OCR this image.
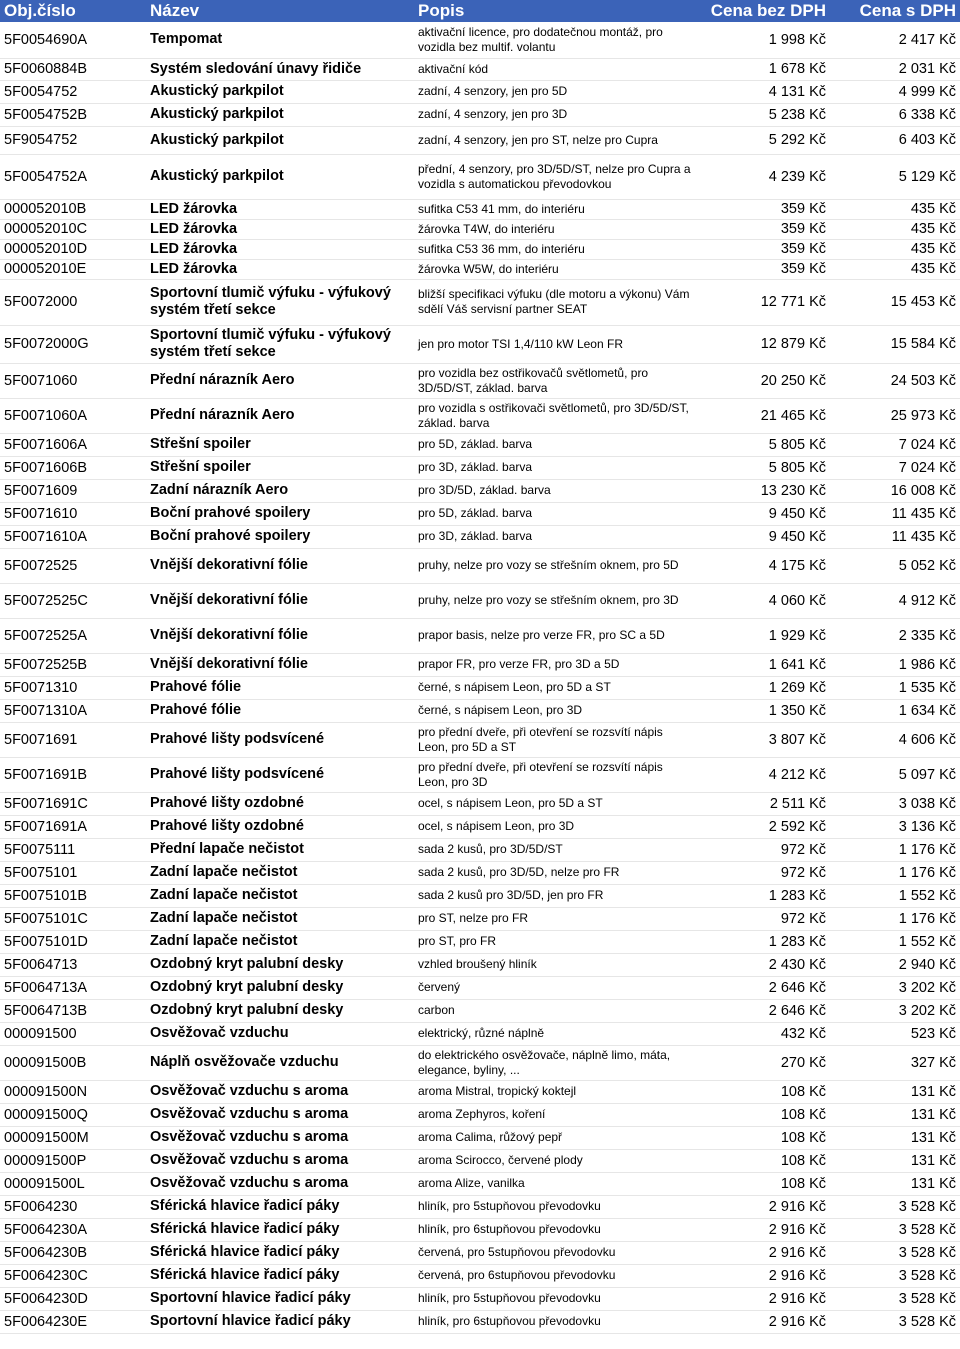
Obj.číslo	Název	Popis	Cena bez DPH	Cena s DPH
5F0054690A	Tempomat	aktivační licence, pro dodatečnou montáž, pro vozidla bez multif. volantu	1 998 Kč	2 417 Kč
5F0060884B	Systém sledování únavy řidiče	aktivační kód	1 678 Kč	2 031 Kč
5F0054752	Akustický parkpilot	zadní, 4 senzory, jen pro 5D	4 131 Kč	4 999 Kč
5F0054752B	Akustický parkpilot	zadní, 4 senzory, jen pro 3D	5 238 Kč	6 338 Kč
5F9054752	Akustický parkpilot	zadní, 4 senzory, jen pro ST, nelze pro Cupra	5 292 Kč	6 403 Kč
5F0054752A	Akustický parkpilot	přední, 4 senzory, pro 3D/5D/ST, nelze pro Cupra a vozidla s automatickou převodovkou	4 239 Kč	5 129 Kč
000052010B	LED žárovka	sufitka C53 41 mm, do interiéru	359 Kč	435 Kč
000052010C	LED žárovka	žárovka T4W, do interiéru	359 Kč	435 Kč
000052010D	LED žárovka	sufitka C53 36 mm, do interiéru	359 Kč	435 Kč
000052010E	LED žárovka	žárovka W5W, do interiéru	359 Kč	435 Kč
5F0072000	Sportovní tlumič výfuku - výfukový systém třetí sekce	bližší specifikaci výfuku (dle motoru a výkonu) Vám sdělí Váš servisní partner SEAT	12 771 Kč	15 453 Kč
5F0072000G	Sportovní tlumič výfuku - výfukový systém třetí sekce	jen pro motor TSI 1,4/110 kW Leon FR	12 879 Kč	15 584 Kč
5F0071060	Přední nárazník Aero	pro vozidla bez ostřikovačů světlometů, pro 3D/5D/ST, základ. barva	20 250 Kč	24 503 Kč
5F0071060A	Přední nárazník Aero	pro vozidla s ostřikovači světlometů, pro 3D/5D/ST, základ. barva	21 465 Kč	25 973 Kč
5F0071606A	Střešní spoiler	pro 5D, základ. barva	5 805 Kč	7 024 Kč
5F0071606B	Střešní spoiler	pro 3D, základ. barva	5 805 Kč	7 024 Kč
5F0071609	Zadní nárazník Aero	pro 3D/5D, základ. barva	13 230 Kč	16 008 Kč
5F0071610	Boční prahové spoilery	pro 5D, základ. barva	9 450 Kč	11 435 Kč
5F0071610A	Boční prahové spoilery	pro 3D, základ. barva	9 450 Kč	11 435 Kč
5F0072525	Vnější dekorativní fólie	pruhy, nelze pro vozy se střešním oknem, pro 5D	4 175 Kč	5 052 Kč
5F0072525C	Vnější dekorativní fólie	pruhy, nelze pro vozy se střešním oknem, pro 3D	4 060 Kč	4 912 Kč
5F0072525A	Vnější dekorativní fólie	prapor basis, nelze pro verze FR, pro SC a 5D	1 929 Kč	2 335 Kč
5F0072525B	Vnější dekorativní fólie	prapor FR, pro verze FR, pro 3D a 5D	1 641 Kč	1 986 Kč
5F0071310	Prahové fólie	černé, s nápisem Leon, pro 5D a ST	1 269 Kč	1 535 Kč
5F0071310A	Prahové fólie	černé, s nápisem Leon, pro 3D	1 350 Kč	1 634 Kč
5F0071691	Prahové lišty podsvícené	pro přední dveře, při otevření se rozsvítí nápis Leon, pro 5D a ST	3 807 Kč	4 606 Kč
5F0071691B	Prahové lišty podsvícené	pro přední dveře, při otevření se rozsvítí nápis Leon, pro 3D	4 212 Kč	5 097 Kč
5F0071691C	Prahové lišty ozdobné	ocel, s nápisem Leon, pro 5D a ST	2 511 Kč	3 038 Kč
5F0071691A	Prahové lišty ozdobné	ocel, s nápisem Leon, pro 3D	2 592 Kč	3 136 Kč
5F0075111	Přední lapače nečistot	sada 2 kusů, pro 3D/5D/ST	972 Kč	1 176 Kč
5F0075101	Zadní lapače nečistot	sada 2 kusů, pro 3D/5D, nelze pro FR	972 Kč	1 176 Kč
5F0075101B	Zadní lapače nečistot	sada 2 kusů pro 3D/5D, jen pro FR	1 283 Kč	1 552 Kč
5F0075101C	Zadní lapače nečistot	pro ST, nelze pro FR	972 Kč	1 176 Kč
5F0075101D	Zadní lapače nečistot	pro ST, pro FR	1 283 Kč	1 552 Kč
5F0064713	Ozdobný kryt palubní desky	vzhled broušený hliník	2 430 Kč	2 940 Kč
5F0064713A	Ozdobný kryt palubní desky	červený	2 646 Kč	3 202 Kč
5F0064713B	Ozdobný kryt palubní desky	carbon	2 646 Kč	3 202 Kč
000091500	Osvěžovač vzduchu	elektrický, různé náplně	432 Kč	523 Kč
000091500B	Náplň osvěžovače vzduchu	do elektrického osvěžovače, náplně limo, máta, elegance, byliny, ...	270 Kč	327 Kč
000091500N	Osvěžovač vzduchu s aroma	aroma Mistral, tropický koktejl	108 Kč	131 Kč
000091500Q	Osvěžovač vzduchu s aroma	aroma Zephyros, koření	108 Kč	131 Kč
000091500M	Osvěžovač vzduchu s aroma	aroma Calima, růžový pepř	108 Kč	131 Kč
000091500P	Osvěžovač vzduchu s aroma	aroma Scirocco, červené plody	108 Kč	131 Kč
000091500L	Osvěžovač vzduchu s aroma	aroma Alize, vanilka	108 Kč	131 Kč
5F0064230	Sférická hlavice řadicí páky	hliník, pro 5stupňovou převodovku	2 916 Kč	3 528 Kč
5F0064230A	Sférická hlavice řadicí páky	hliník, pro 6stupňovou převodovku	2 916 Kč	3 528 Kč
5F0064230B	Sférická hlavice řadicí páky	červená, pro 5stupňovou převodovku	2 916 Kč	3 528 Kč
5F0064230C	Sférická hlavice řadicí páky	červená, pro 6stupňovou převodovku	2 916 Kč	3 528 Kč
5F0064230D	Sportovní hlavice řadicí páky	hliník, pro 5stupňovou převodovku	2 916 Kč	3 528 Kč
5F0064230E	Sportovní hlavice řadicí páky	hliník, pro 6stupňovou převodovku	2 916 Kč	3 528 Kč
